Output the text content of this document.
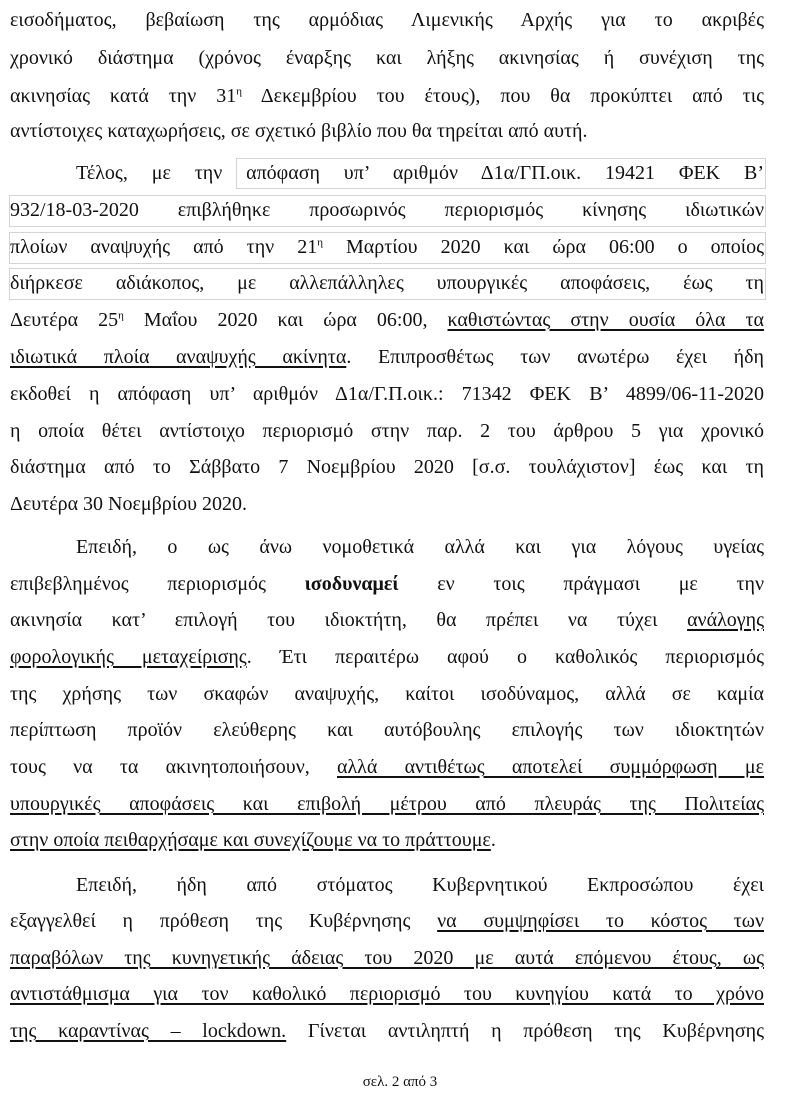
εισοδήματος, βεβαίωση της αρμόδιας Λιμενικής Αρχής για το ακριβές
χρονικό διάστημα (χρόνος έναρξης και λήξης ακινησίας ή συνέχιση της
ακινησίας κατά την $31^\eta$ Δεκεμβρίου του έτους), που θα προκύπτει από τις
αντίστοιχες καταχωρήσεις, σε σχετικό βιβλίο που θα τηρείται από αυτή.
Τέλος, με την απόφαση υπ’ αριθμόν Δ1α/ΓΠ.οικ. 19421 ΦΕΚ Β’
932/18-03-2020 επιβλήθηκε προσωρινός περιορισμός κίνησης ιδιωτικών
πλοίων αναψυχής από την $21^\eta$ Μαρτίου 2020 και ώρα 06:00 ο οποίος
διήρκεσε αδιάκοπος, με αλλεπάλληλες υπουργικές αποφάσεις, έως τη
Δευτέρα $25^\eta$ Μαΐου 2020 και ώρα 06:00, καθιστώντας στην ουσία όλα τα
ιδιωτικά πλοία αναψυχής ακίνητα. Επιπροσθέτως των ανωτέρω έχει ήδη
εκδοθεί η απόφαση υπ’ αριθμόν Δ1α/Γ.Π.οικ.: 71342 ΦΕΚ Β’ 4899/06-11-2020
η οποία θέτει αντίστοιχο περιορισμό στην παρ. 2 του άρθρου 5 για χρονικό
διάστημα από το Σάββατο 7 Νοεμβρίου 2020 [σ.σ. τουλάχιστον] έως και τη
Δευτέρα 30 Νοεμβρίου 2020.
Επειδή, ο ως άνω νομοθετικά αλλά και για λόγους υγείας
επιβεβλημένος περιορισμός ισοδυναμεί εν τοις πράγμασι με την
ακινησία κατ’ επιλογή του ιδιοκτήτη, θα πρέπει να τύχει ανάλογης
φορολογικής μεταχείρισης. Έτι περαιτέρω αφού ο καθολικός περιορισμός
της χρήσης των σκαφών αναψυχής, καίτοι ισοδύναμος, αλλά σε καμία
περίπτωση προϊόν ελεύθερης και αυτόβουλης επιλογής των ιδιοκτητών
τους να τα ακινητοποιήσουν, αλλά αντιθέτως αποτελεί συμμόρφωση με
υπουργικές αποφάσεις και επιβολή μέτρου από πλευράς της Πολιτείας
στην οποία πειθαρχήσαμε και συνεχίζουμε να το πράττουμε.
Επειδή, ήδη από στόματος Κυβερνητικού Εκπροσώπου έχει
εξαγγελθεί η πρόθεση της Κυβέρνησης να συμψηφίσει το κόστος των
παραβόλων της κυνηγετικής άδειας του 2020 με αυτά επόμενου έτους, ως
αντιστάθμισμα για τον καθολικό περιορισμό του κυνηγίου κατά το χρόνο
της καραντίνας – lockdown. Γίνεται αντιληπτή η πρόθεση της Κυβέρνησης
σελ. 2 από 3
